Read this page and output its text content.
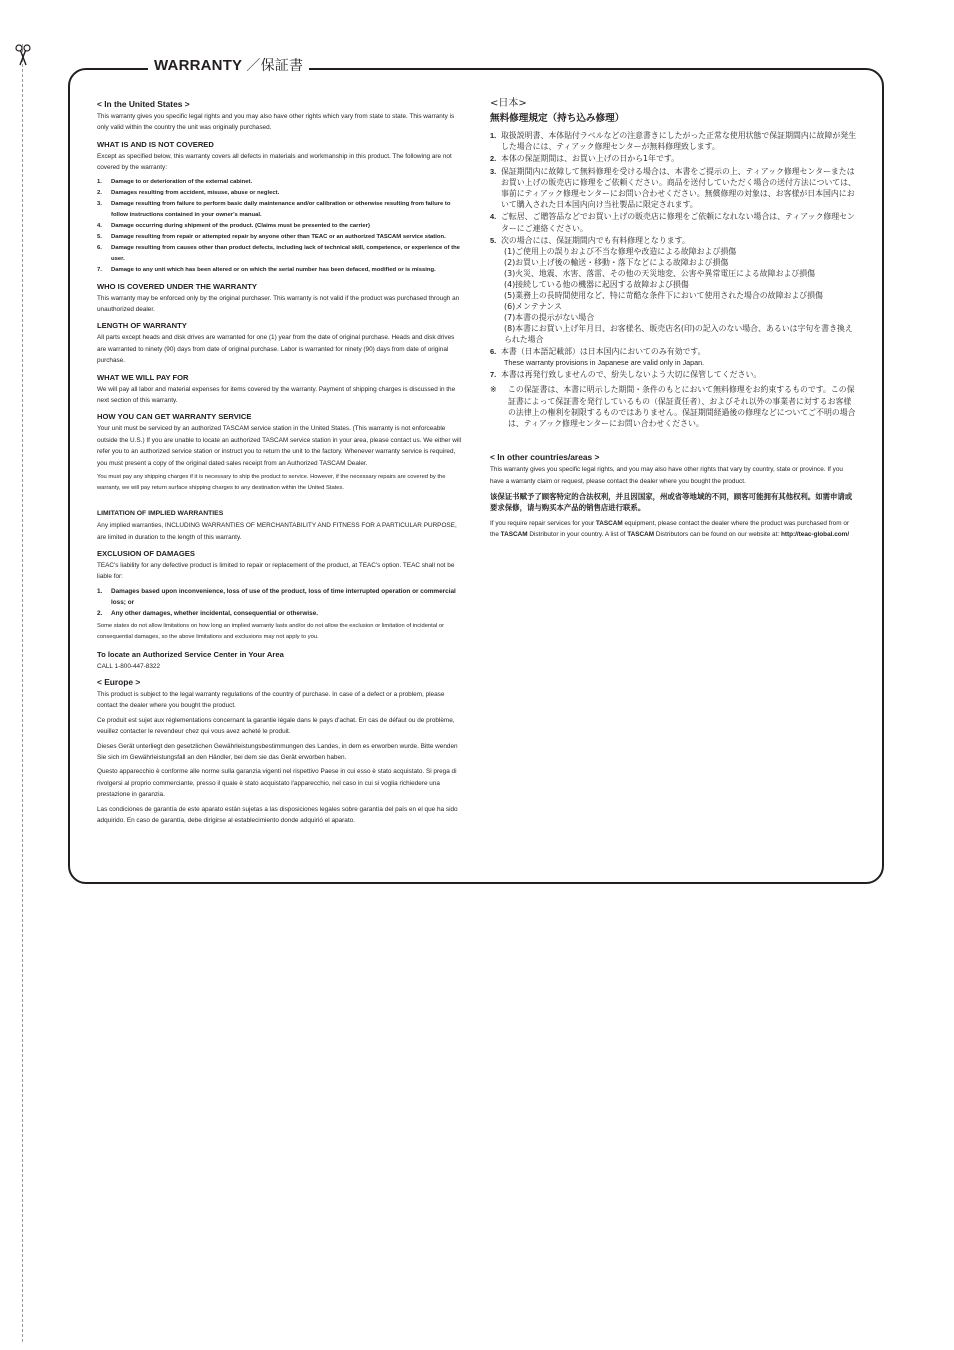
WARRANTY ／保証書
< In the United States >

This warranty gives you specific legal rights and you may also have other rights which vary from state to state. This warranty is only valid within the country the unit was originally purchased.

WHAT IS AND IS NOT COVERED

Except as specified below, this warranty covers all defects in materials and workmanship in this product. The following are not covered by the warranty:

1. Damage to or deterioration of the external cabinet.
2. Damages resulting from accident, misuse, abuse or neglect.
3. Damage resulting from failure to perform basic daily maintenance and/or calibration or otherwise resulting from failure to follow instructions contained in your owner's manual.
4. Damage occurring during shipment of the product. (Claims must be presented to the carrier)
5. Damage resulting from repair or attempted repair by anyone other than TEAC or an authorized TASCAM service station.
6. Damage resulting from causes other than product defects, including lack of technical skill, competence, or experience of the user.
7. Damage to any unit which has been altered or on which the serial number has been defaced, modified or is missing.
WHO IS COVERED UNDER THE WARRANTY

This warranty may be enforced only by the original purchaser. This warranty is not valid if the product was purchased through an unauthorized dealer.

LENGTH OF WARRANTY

All parts except heads and disk drives are warranted for one (1) year from the date of original purchase. Heads and disk drives are warranted to ninety (90) days from date of original purchase. Labor is warranted for ninety (90) days from date of original purchase.

WHAT WE WILL PAY FOR

We will pay all labor and material expenses for items covered by the warranty. Payment of shipping charges is discussed in the next section of this warranty.

HOW YOU CAN GET WARRANTY SERVICE

Your unit must be serviced by an authorized TASCAM service station in the United States. (This warranty is not enforceable outside the U.S.) If you are unable to locate an authorized TASCAM service station in your area, please contact us. We either will refer you to an authorized service station or instruct you to return the unit to the factory. Whenever warranty service is required, you must present a copy of the original dated sales receipt from an Authorized TASCAM Dealer.

You must pay any shipping charges if it is necessary to ship the product to service. However, if the necessary repairs are covered by the warranty, we will pay return surface shipping charges to any destination within the United States.

LIMITATION OF IMPLIED WARRANTIES

Any implied warranties, INCLUDING WARRANTIES OF MERCHANTABILITY AND FITNESS FOR A PARTICULAR PURPOSE, are limited in duration to the length of this warranty.

EXCLUSION OF DAMAGES

TEAC's liability for any defective product is limited to repair or replacement of the product, at TEAC's option. TEAC shall not be liable for:

1. Damages based upon inconvenience, loss of use of the product, loss of time interrupted operation or commercial loss; or
2. Any other damages, whether incidental, consequential or otherwise.

Some states do not allow limitations on how long an implied warranty lasts and/or do not allow the exclusion or limitation of incidental or consequential damages, so the above limitations and exclusions may not apply to you.

To locate an Authorized Service Center in Your Area

CALL 1-800-447-8322

< Europe >

This product is subject to the legal warranty regulations of the country of purchase. In case of a defect or a problem, please contact the dealer where you bought the product.

Ce produit est sujet aux réglementations concernant la garantie légale dans le pays d'achat. En cas de défaut ou de problème, veuillez contacter le revendeur chez qui vous avez acheté le produit.

Dieses Gerät unterliegt den gesetzlichen Gewährleistungsbestimmungen des Landes, in dem es erworben wurde. Bitte wenden Sie sich im Gewährleistungsfall an den Händler, bei dem sie das Gerät erworben haben.

Questo apparecchio è conforme alle norme sulla garanzia vigenti nel rispettivo Paese in cui esso è stato acquistato. Si prega di rivolgersi al proprio commerciante, presso il quale è stato acquistato l'apparecchio, nel caso in cui si voglia richiedere una prestazione in garanzia.

Las condiciones de garantía de este aparato están sujetas a las disposiciones legales sobre garantía del país en el que ha sido adquirido. En caso de garantía, debe dirigirse al establecimiento donde adquirió el aparato.

<日本>
無料修理規定（持ち込み修理）
1. 取扱説明書、本体貼付ラベルなどの注意書きにしたがった正常な使用状態で保証期間内に故障が発生した場合には、ティアック修理センターが無料修理致します。
2. 本体の保証期間は、お買い上げの日から1年です。
3. 保証期間内に故障して無料修理を受ける場合は、本書をご提示の上、ティアック修理センターまたはお買い上げの販売店に修理をご依頼ください。商品を送付していただく場合の送付方法については、事前にティアック修理センターにお問い合わせください。無償修理の対象は、お客様が日本国内において購入された日本国内向け当社製品に限定されます。
4. ご転居、ご贈答品などでお買い上げの販売店に修理をご依頼になれない場合は、ティアック修理センターにご連絡ください。
5. 次の場合には、保証期間内でも有料修理となります。
(1)ご使用上の誤りおよび不当な修理や改造による故障および損傷
(2)お買い上げ後の輸送・移動・落下などによる故障および損傷
(3)火災、地震、水害、落雷、その他の天災地変、公害や異常電圧による故障および損傷
(4)接続している他の機器に起因する故障および損傷
(5)業務上の長時間使用など、特に苛酷な条件下において使用された場合の故障および損傷
(6)メンテナンス
(7)本書の提示がない場合
(8)本書にお買い上げ年月日、お客様名、販売店名(印)の記入のない場合、あるいは字句を書き換えられた場合
6. 本書（日本語記載部）は日本国内においてのみ有効です。
These warranty provisions in Japanese are valid only in Japan.
7. 本書は再発行致しませんので、紛失しないよう大切に保管してください。
※ この保証書は、本書に明示した期間・条件のもとにおいて無料修理をお約束するものです。この保証書によって保証書を発行しているもの（保証責任者）、およびそれ以外の事業者に対するお客様の法律上の権利を制限するものではありません。保証期間経過後の修理などについてご不明の場合は、ティアック修理センターにお問い合わせください。
< In other countries/areas >

This warranty gives you specific legal rights, and you may also have other rights that vary by country, state or province. If you have a warranty claim or request, please contact the dealer where you bought the product.

该保证书赋予了顾客特定的合法权利，并且因国家，州或省等地域的不同，顾客可能拥有其他权利。如需申请或要求保修，请与购买本产品的销售店进行联系。

If you require repair services for your TASCAM equipment, please contact the dealer where the product was purchased from or the TASCAM Distributor in your country. A list of TASCAM Distributors can be found on our website at: http://teac-global.com/
